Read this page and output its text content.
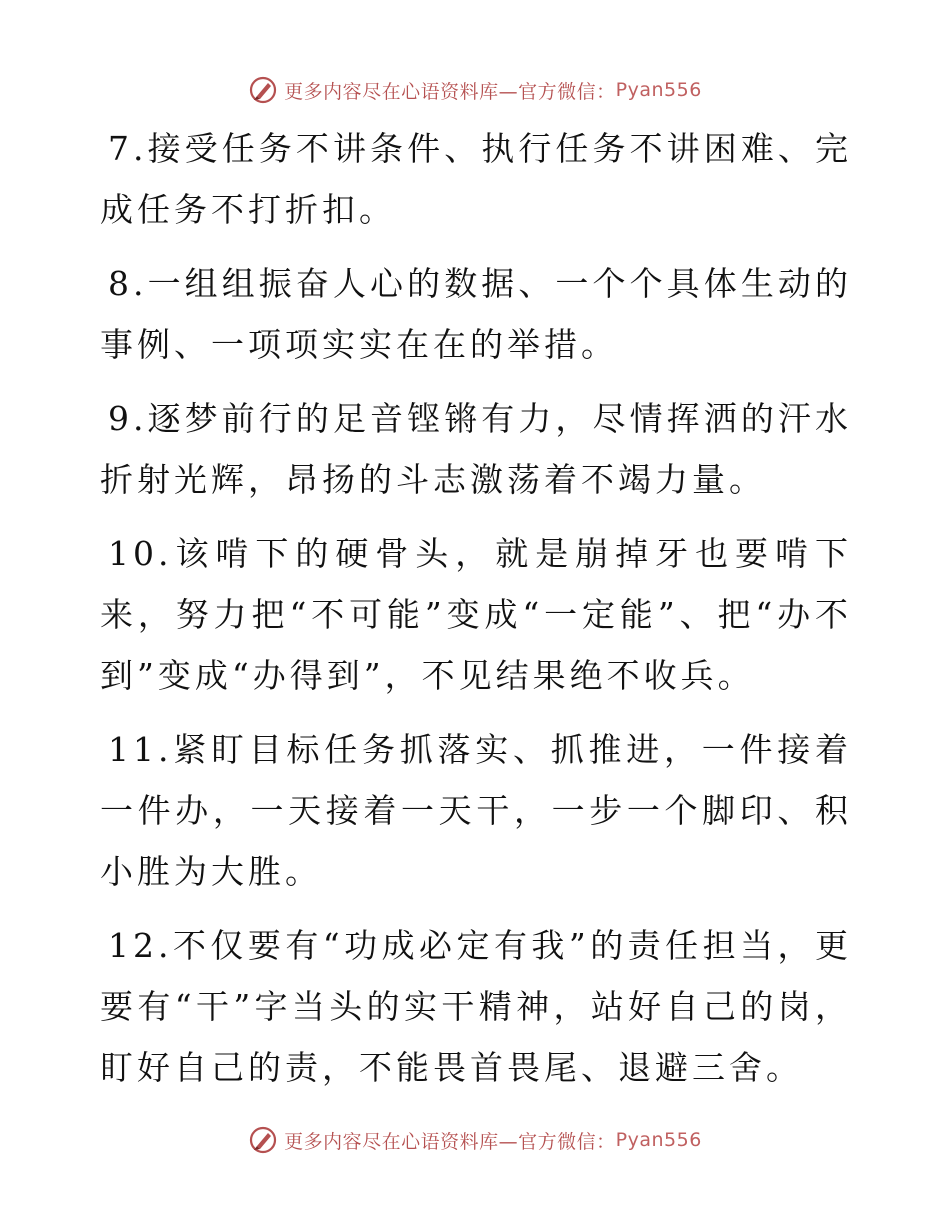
更多内容尽在心语资料库—官方微信： Pyan556

7.接受任务不讲条件、执行任务不讲困难、完成任务不打折扣。

8.一组组振奋人心的数据、一个个具体生动的事例、一项项实实在在的举措。

9.逐梦前行的足音铿锵有力，尽情挥洒的汗水折射光辉，昂扬的斗志激荡着不竭力量。

10.该啃下的硬骨头，就是崩掉牙也要啃下来，努力把“不可能”变成“一定能”、把“办不到”变成“办得到”，不见结果绝不收兵。

11.紧盯目标任务抓落实、抓推进，一件接着一件办，一天接着一天干，一步一个脚印、积小胜为大胜。

12.不仅要有“功成必定有我”的责任担当，更要有“干”字当头的实干精神，站好自己的岗，盯好自己的责，不能畏首畏尾、退避三舍。

更多内容尽在心语资料库—官方微信： Pyan556
